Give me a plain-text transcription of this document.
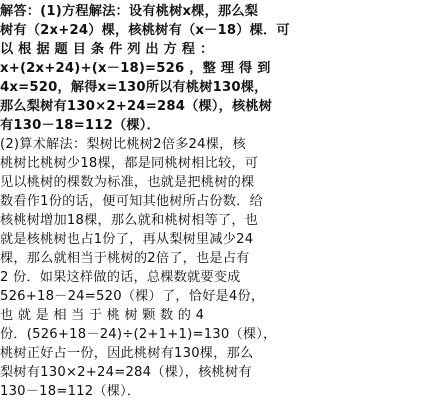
解答：(1)方程解法：设有桃树x棵，那么梨
树有（2x+24）棵，核桃树有（x－18）棵．可
以 根 据 题 目 条 件 列 出 方 程 ：
x+(2x+24)+(x－18)=526 ，整 理 得 到
4x=520，解得x=130所以有桃树130棵，
那么梨树有130×2+24=284（棵），核桃树
有130－18=112（棵）．
(2)算术解法：梨树比桃树2倍多24棵，核
桃树比桃树少18棵，都是同桃树相比较，可
见以桃树的棵数为标准，也就是把桃树的棵
数看作1份的话，便可知其他树所占份数．给
核桃树增加18棵，那么就和桃树相等了，也
就是核桃树也占1份了，再从梨树里减少24
棵，那么就相当于桃树的2倍了，也是占有
2 份．如果这样做的话，总棵数就要变成
526+18－24=520（棵）了，恰好是4份，
也 就 是 相 当 于 桃 树 颗 数 的 4
份．(526+18－24)÷(2+1+1)=130（棵），
桃树正好占一份，因此桃树有130棵，那么
梨树有130×2+24=284（棵），核桃树有
130－18=112（棵）．
